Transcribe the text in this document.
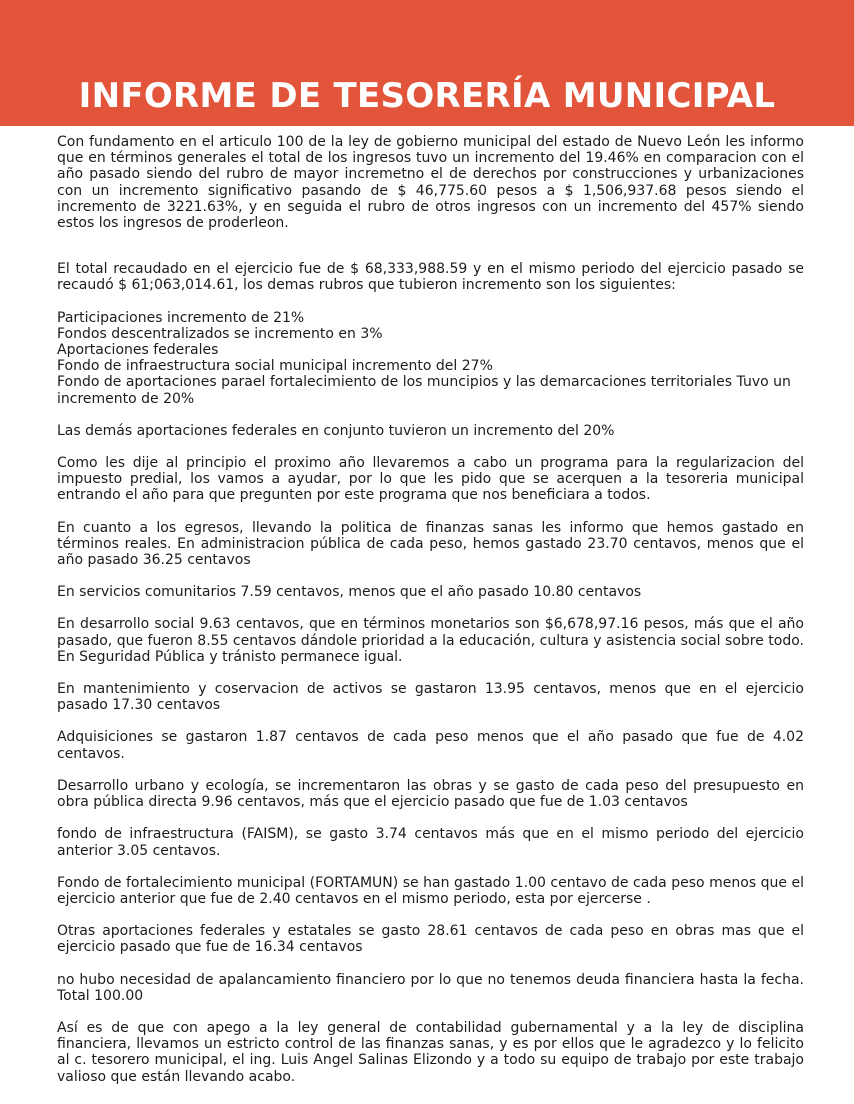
INFORME DE TESORERÍA MUNICIPAL

Con fundamento en el articulo 100 de la ley de gobierno municipal del estado de Nuevo León les informo que en términos generales el total de los ingresos tuvo un incremento del 19.46% en comparacion con el año pasado siendo del rubro de mayor incremetno el de derechos por construcciones y urbanizaciones con un incremento significativo pasando de $ 46,775.60 pesos a $ 1,506,937.68 pesos siendo el incremento de 3221.63%, y en seguida el rubro de otros ingresos con un incremento del 457% siendo estos los ingresos de proderleon.

El total recaudado en el ejercicio fue de $ 68,333,988.59 y en el mismo periodo del ejercicio pasado se recaudó $ 61;063,014.61, los demas rubros que tubieron incremento son los siguientes:

Participaciones incremento de 21%

Fondos descentralizados se incremento en 3%

Aportaciones federales

Fondo de infraestructura social municipal incremento del 27%

Fondo de aportaciones parael fortalecimiento de los muncipios y las demarcaciones territoriales Tuvo un incremento de 20%

Las demás aportaciones federales en conjunto tuvieron un incremento del 20%

Como les dije al principio el proximo año llevaremos a cabo un programa para la regularizacion del impuesto predial, los vamos a ayudar, por lo que les pido que se acerquen a la tesoreria municipal entrando el año para que pregunten por este programa que nos beneficiara a todos.

En cuanto a los egresos, llevando la politica de finanzas sanas les informo que hemos gastado en términos reales. En administracion pública de cada peso, hemos gastado 23.70 centavos, menos que el año pasado 36.25 centavos

En servicios comunitarios 7.59 centavos, menos que el año pasado 10.80 centavos

En desarrollo social 9.63 centavos, que en términos monetarios son $6,678,97.16 pesos, más que el año pasado, que fueron 8.55 centavos dándole prioridad a la educación, cultura y asistencia social sobre todo. En Seguridad Pública y tránisto permanece igual.

En mantenimiento y coservacion de activos se gastaron 13.95 centavos, menos que en el ejercicio pasado 17.30 centavos

Adquisiciones se gastaron 1.87 centavos de cada peso menos que el año pasado que fue de 4.02 centavos.

Desarrollo urbano y ecología, se incrementaron las obras y se gasto de cada peso del presupuesto en obra pública directa 9.96 centavos, más que el ejercicio pasado que fue de 1.03 centavos

fondo de infraestructura (FAISM), se gasto 3.74 centavos más que en el mismo periodo del ejercicio anterior 3.05 centavos.

Fondo de fortalecimiento municipal (FORTAMUN) se han gastado 1.00 centavo de cada peso menos que el ejercicio anterior que fue de 2.40 centavos en el mismo periodo, esta por ejercerse .

Otras aportaciones federales y estatales se gasto 28.61 centavos de cada peso en obras mas que el ejercicio pasado que fue de 16.34 centavos

no hubo necesidad de apalancamiento financiero por lo que no tenemos deuda financiera hasta la fecha. Total 100.00

Así es de que con apego a la ley general de contabilidad gubernamental y a la ley de disciplina financiera, llevamos un estricto control de las finanzas sanas, y es por ellos que le agradezco y lo felicito al c. tesorero municipal, el ing. Luis Angel Salinas Elizondo y a todo su equipo de trabajo por este trabajo valioso que están llevando acabo.
